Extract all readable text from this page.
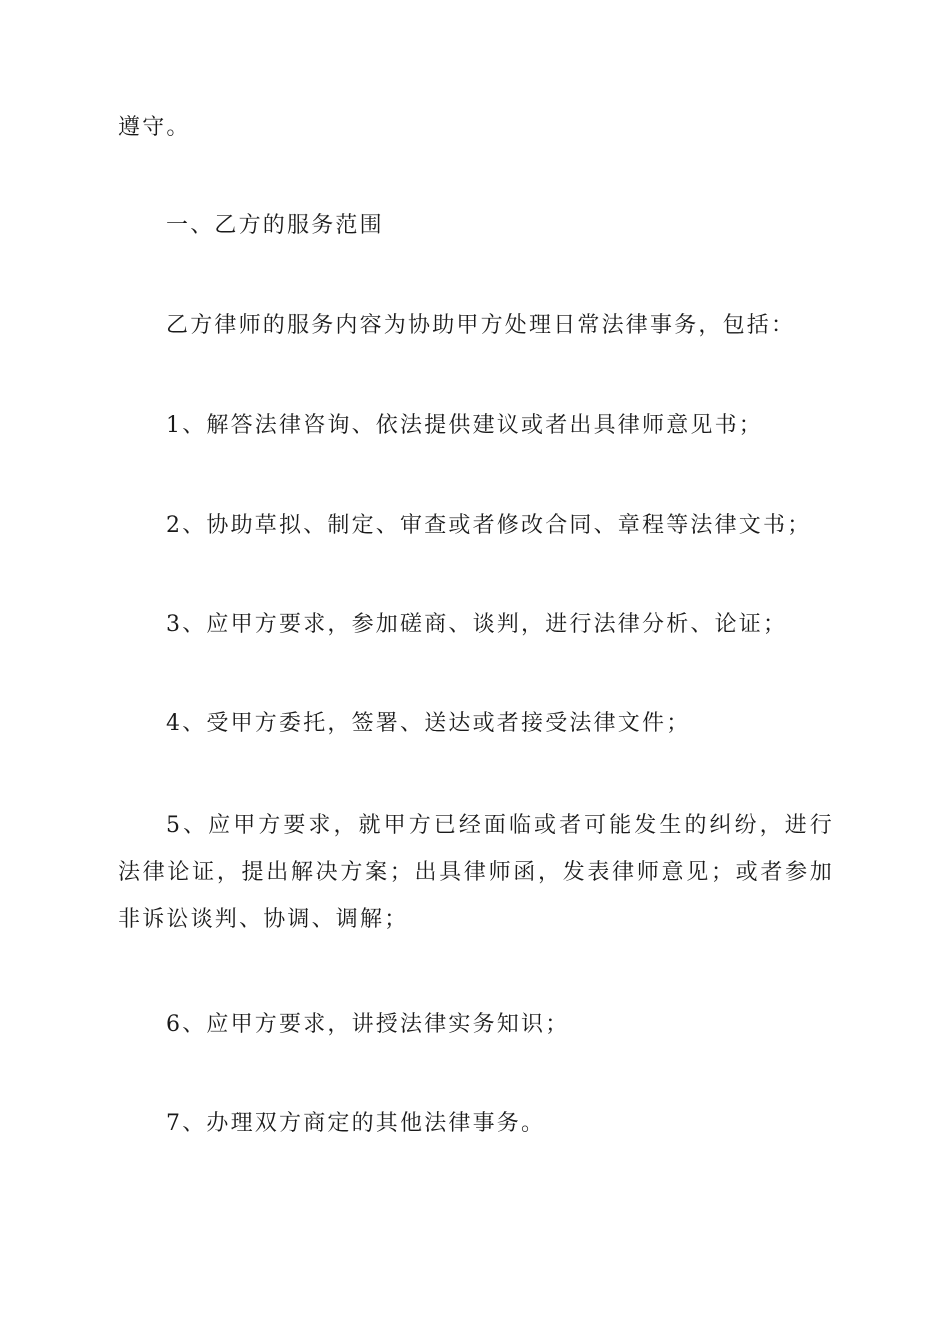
遵守。
一、乙方的服务范围
乙方律师的服务内容为协助甲方处理日常法律事务，包括：
1、解答法律咨询、依法提供建议或者出具律师意见书；
2、协助草拟、制定、审查或者修改合同、章程等法律文书；
3、应甲方要求，参加磋商、谈判，进行法律分析、论证；
4、受甲方委托，签署、送达或者接受法律文件；
5、应甲方要求，就甲方已经面临或者可能发生的纠纷，进行法律论证，提出解决方案；出具律师函，发表律师意见；或者参加非诉讼谈判、协调、调解；
6、应甲方要求，讲授法律实务知识；
7、办理双方商定的其他法律事务。
